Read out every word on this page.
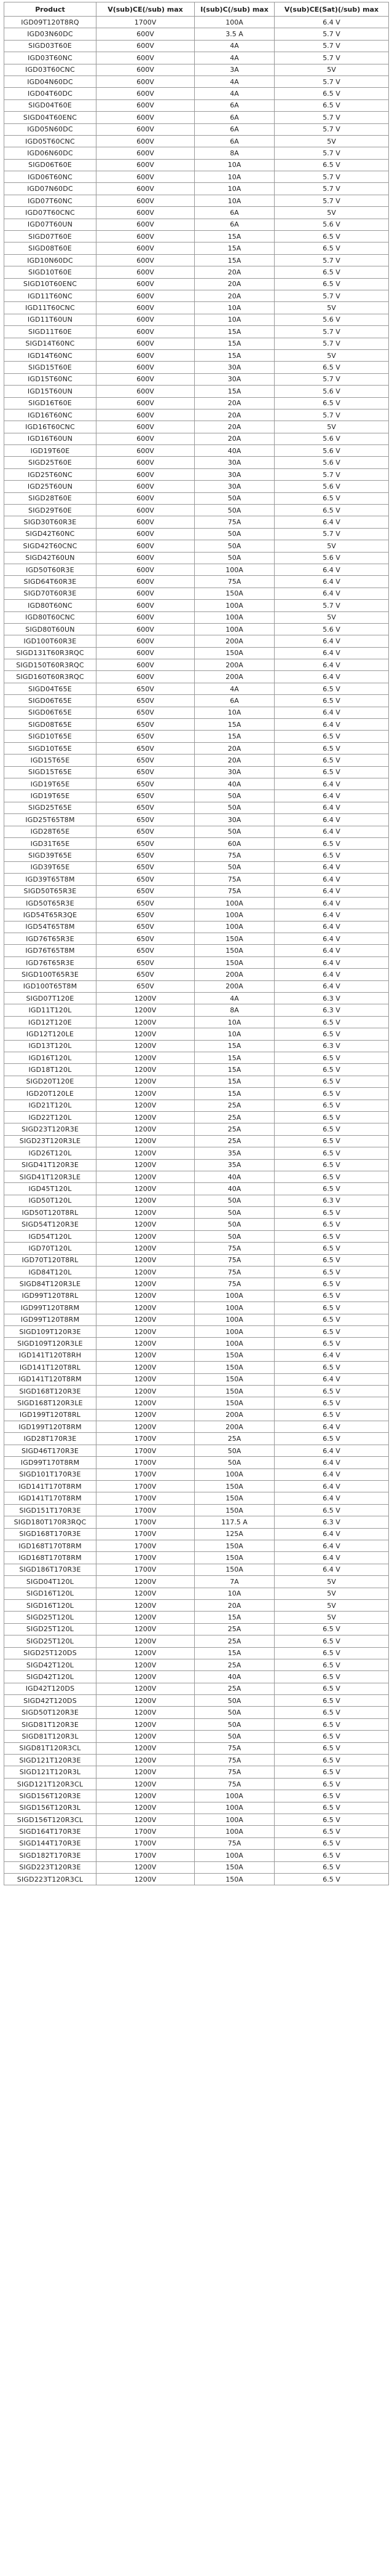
Product	V(sub)CE(/sub) max	I(sub)C(/sub) max	V(sub)CE(Sat)(/sub) max
IGD09T120T8RQ	1700V	100A	6.4 V
IGD03N60DC	600V	3.5 A	5.7 V
SIGD03T60E	600V	4A	5.7 V
IGD03T60NC	600V	4A	5.7 V
IGD03T60CNC	600V	3A	5V
IGD04N60DC	600V	4A	5.7 V
IGD04T60DC	600V	4A	6.5 V
SIGD04T60E	600V	6A	6.5 V
SIGD04T60ENC	600V	6A	5.7 V
IGD05N60DC	600V	6A	5.7 V
IGD05T60CNC	600V	6A	5V
IGD06N60DC	600V	8A	5.7 V
SIGD06T60E	600V	10A	6.5 V
IGD06T60NC	600V	10A	5.7 V
IGD07N60DC	600V	10A	5.7 V
IGD07T60NC	600V	10A	5.7 V
IGD07T60CNC	600V	6A	5V
IGD07T60UN	600V	6A	5.6 V
SIGD07T60E	600V	15A	6.5 V
SIGD08T60E	600V	15A	6.5 V
IGD10N60DC	600V	15A	5.7 V
SIGD10T60E	600V	20A	6.5 V
SIGD10T60ENC	600V	20A	6.5 V
IGD11T60NC	600V	20A	5.7 V
IGD11T60CNC	600V	10A	5V
IGD11T60UN	600V	10A	5.6 V
SIGD11T60E	600V	15A	5.7 V
SIGD14T60NC	600V	15A	5.7 V
IGD14T60NC	600V	15A	5V
SIGD15T60E	600V	30A	6.5 V
IGD15T60NC	600V	30A	5.7 V
IGD15T60UN	600V	15A	5.6 V
SIGD16T60E	600V	20A	6.5 V
IGD16T60NC	600V	20A	5.7 V
IGD16T60CNC	600V	20A	5V
IGD16T60UN	600V	20A	5.6 V
IGD19T60E	600V	40A	5.6 V
SIGD25T60E	600V	30A	5.6 V
IGD25T60NC	600V	30A	5.7 V
IGD25T60UN	600V	30A	5.6 V
SIGD28T60E	600V	50A	6.5 V
SIGD29T60E	600V	50A	6.5 V
SIGD30T60R3E	600V	75A	6.4 V
SIGD42T60NC	600V	50A	5.7 V
SIGD42T60CNC	600V	50A	5V
SIGD42T60UN	600V	50A	5.6 V
IGD50T60R3E	600V	100A	6.4 V
SIGD64T60R3E	600V	75A	6.4 V
SIGD70T60R3E	600V	150A	6.4 V
IGD80T60NC	600V	100A	5.7 V
IGD80T60CNC	600V	100A	5V
SIGD80T60UN	600V	100A	5.6 V
IGD100T60R3E	600V	200A	6.4 V
SIGD131T60R3RQC	600V	150A	6.4 V
SIGD150T60R3RQC	600V	200A	6.4 V
SIGD160T60R3RQC	600V	200A	6.4 V
SIGD04T65E	650V	4A	6.5 V
SIGD06T65E	650V	6A	6.5 V
SIGD06T65E	650V	10A	6.4 V
SIGD08T65E	650V	15A	6.4 V
SIGD10T65E	650V	15A	6.5 V
SIGD10T65E	650V	20A	6.5 V
IGD15T65E	650V	20A	6.5 V
SIGD15T65E	650V	30A	6.5 V
IGD19T65E	650V	40A	6.4 V
IGD19T65E	650V	50A	6.4 V
SIGD25T65E	650V	50A	6.4 V
IGD25T65T8M	650V	30A	6.4 V
IGD28T65E	650V	50A	6.4 V
IGD31T65E	650V	60A	6.5 V
SIGD39T65E	650V	75A	6.5 V
IGD39T65E	650V	50A	6.4 V
IGD39T65T8M	650V	75A	6.4 V
SIGD50T65R3E	650V	75A	6.4 V
IGD50T65R3E	650V	100A	6.4 V
IGD54T65R3QE	650V	100A	6.4 V
IGD54T65T8M	650V	100A	6.4 V
IGD76T65R3E	650V	150A	6.4 V
IGD76T65T8M	650V	150A	6.4 V
IGD76T65R3E	650V	150A	6.4 V
SIGD100T65R3E	650V	200A	6.4 V
IGD100T65T8M	650V	200A	6.4 V
SIGD07T120E	1200V	4A	6.3 V
IGD11T120L	1200V	8A	6.3 V
IGD12T120E	1200V	10A	6.5 V
IGD12T120LE	1200V	10A	6.5 V
IGD13T120L	1200V	15A	6.3 V
IGD16T120L	1200V	15A	6.5 V
IGD18T120L	1200V	15A	6.5 V
SIGD20T120E	1200V	15A	6.5 V
IGD20T120LE	1200V	15A	6.5 V
IGD21T120L	1200V	25A	6.5 V
IGD22T120L	1200V	25A	6.5 V
SIGD23T120R3E	1200V	25A	6.5 V
SIGD23T120R3LE	1200V	25A	6.5 V
IGD26T120L	1200V	35A	6.5 V
SIGD41T120R3E	1200V	35A	6.5 V
SIGD41T120R3LE	1200V	40A	6.5 V
IGD45T120L	1200V	40A	6.5 V
IGD50T120L	1200V	50A	6.3 V
IGD50T120T8RL	1200V	50A	6.5 V
SIGD54T120R3E	1200V	50A	6.5 V
IGD54T120L	1200V	50A	6.5 V
IGD70T120L	1200V	75A	6.5 V
IGD70T120T8RL	1200V	75A	6.5 V
IGD84T120L	1200V	75A	6.5 V
SIGD84T120R3LE	1200V	75A	6.5 V
IGD99T120T8RL	1200V	100A	6.5 V
IGD99T120T8RM	1200V	100A	6.5 V
IGD99T120T8RM	1200V	100A	6.5 V
SIGD109T120R3E	1200V	100A	6.5 V
SIGD109T120R3LE	1200V	100A	6.5 V
IGD141T120T8RH	1200V	150A	6.4 V
IGD141T120T8RL	1200V	150A	6.5 V
IGD141T120T8RM	1200V	150A	6.4 V
SIGD168T120R3E	1200V	150A	6.5 V
SIGD168T120R3LE	1200V	150A	6.5 V
IGD199T120T8RL	1200V	200A	6.5 V
IGD199T120T8RM	1200V	200A	6.4 V
IGD28T170R3E	1700V	25A	6.5 V
SIGD46T170R3E	1700V	50A	6.4 V
IGD99T170T8RM	1700V	50A	6.4 V
SIGD101T170R3E	1700V	100A	6.4 V
IGD141T170T8RM	1700V	150A	6.4 V
IGD141T170T8RM	1700V	150A	6.4 V
SIGD151T170R3E	1700V	150A	6.5 V
SIGD180T170R3RQC	1700V	117.5 A	6.3 V
SIGD168T170R3E	1700V	125A	6.4 V
IGD168T170T8RM	1700V	150A	6.4 V
IGD168T170T8RM	1700V	150A	6.4 V
SIGD186T170R3E	1700V	150A	6.4 V
SIGD04T120L	1200V	7A	5V
SIGD16T120L	1200V	10A	5V
SIGD16T120L	1200V	20A	5V
SIGD25T120L	1200V	15A	5V
SIGD25T120L	1200V	25A	6.5 V
SIGD25T120L	1200V	25A	6.5 V
SIGD25T120DS	1200V	15A	6.5 V
SIGD42T120L	1200V	25A	6.5 V
SIGD42T120L	1200V	40A	6.5 V
IGD42T120DS	1200V	25A	6.5 V
SIGD42T120DS	1200V	50A	6.5 V
SIGD50T120R3E	1200V	50A	6.5 V
SIGD81T120R3E	1200V	50A	6.5 V
SIGD81T120R3L	1200V	50A	6.5 V
SIGD81T120R3CL	1200V	75A	6.5 V
SIGD121T120R3E	1200V	75A	6.5 V
SIGD121T120R3L	1200V	75A	6.5 V
SIGD121T120R3CL	1200V	75A	6.5 V
SIGD156T120R3E	1200V	100A	6.5 V
SIGD156T120R3L	1200V	100A	6.5 V
SIGD156T120R3CL	1200V	100A	6.5 V
SIGD164T170R3E	1700V	100A	6.5 V
SIGD144T170R3E	1700V	75A	6.5 V
SIGD182T170R3E	1700V	100A	6.5 V
SIGD223T120R3E	1200V	150A	6.5 V
SIGD223T120R3CL	1200V	150A	6.5 V
